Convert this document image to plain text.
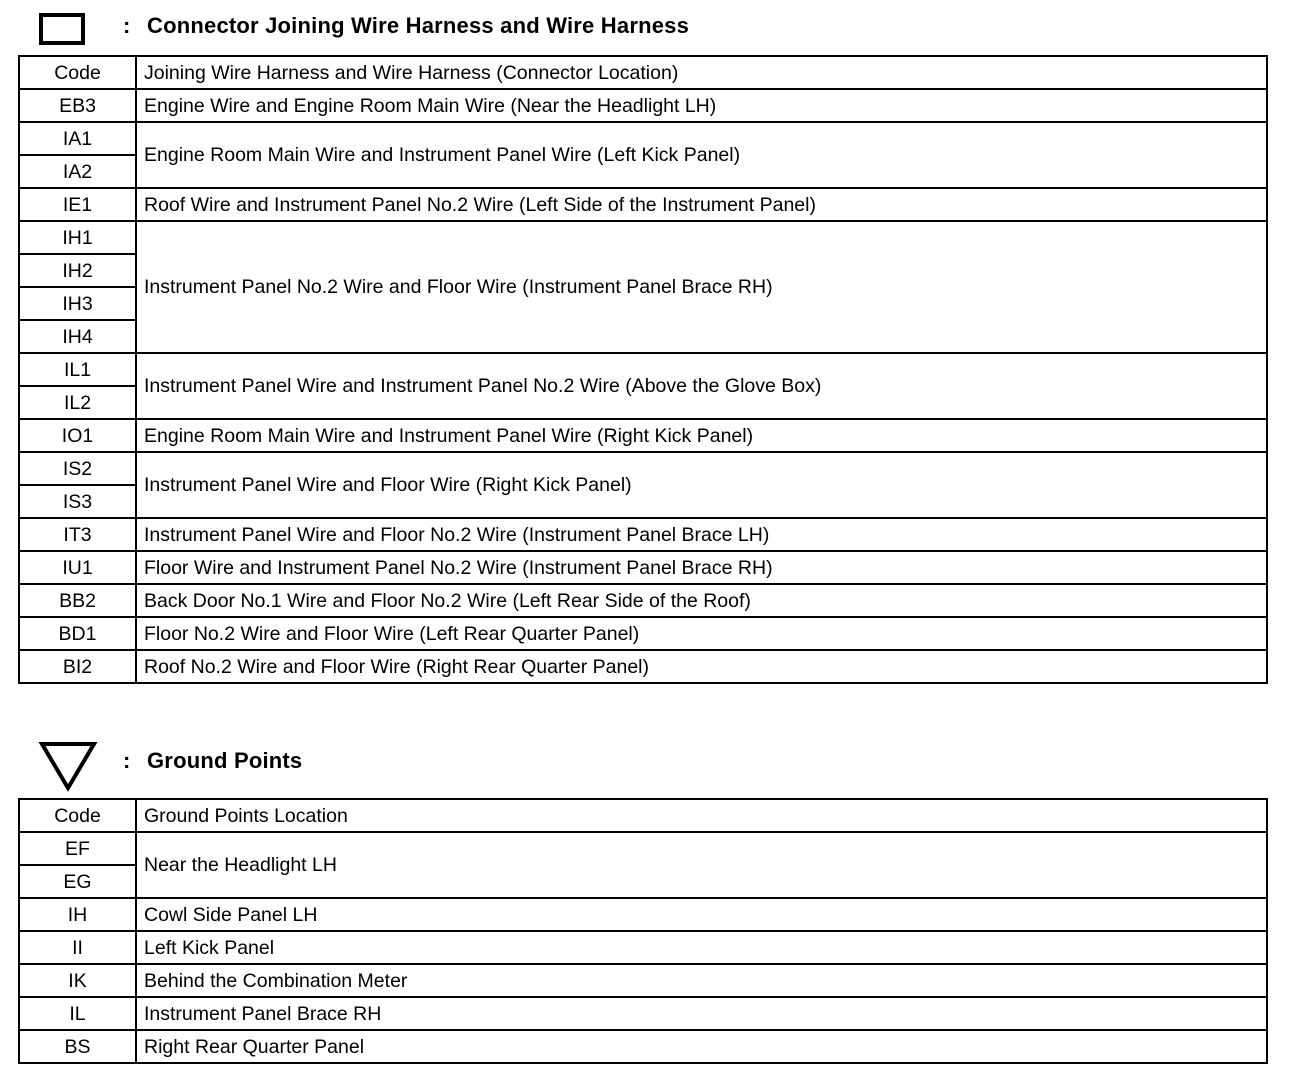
: Connector Joining Wire Harness and Wire Harness
Code	Joining Wire Harness and Wire Harness (Connector Location)
EB3	Engine Wire and Engine Room Main Wire (Near the Headlight LH)
IA1	Engine Room Main Wire and Instrument Panel Wire (Left Kick Panel)
IA2	
IE1	Roof Wire and Instrument Panel No.2 Wire (Left Side of the Instrument Panel)
IH1	Instrument Panel No.2 Wire and Floor Wire (Instrument Panel Brace RH)
IH2	
IH3	
IH4	
IL1	Instrument Panel Wire and Instrument Panel No.2 Wire (Above the Glove Box)
IL2	
IO1	Engine Room Main Wire and Instrument Panel Wire (Right Kick Panel)
IS2	Instrument Panel Wire and Floor Wire (Right Kick Panel)
IS3	
IT3	Instrument Panel Wire and Floor No.2 Wire (Instrument Panel Brace LH)
IU1	Floor Wire and Instrument Panel No.2 Wire (Instrument Panel Brace RH)
BB2	Back Door No.1 Wire and Floor No.2 Wire (Left Rear Side of the Roof)
BD1	Floor No.2 Wire and Floor Wire (Left Rear Quarter Panel)
BI2	Roof No.2 Wire and Floor Wire (Right Rear Quarter Panel)
: Ground Points
Code	Ground Points Location
EF	Near the Headlight LH
EG	
IH	Cowl Side Panel LH
II	Left Kick Panel
IK	Behind the Combination Meter
IL	Instrument Panel Brace RH
BS	Right Rear Quarter Panel
